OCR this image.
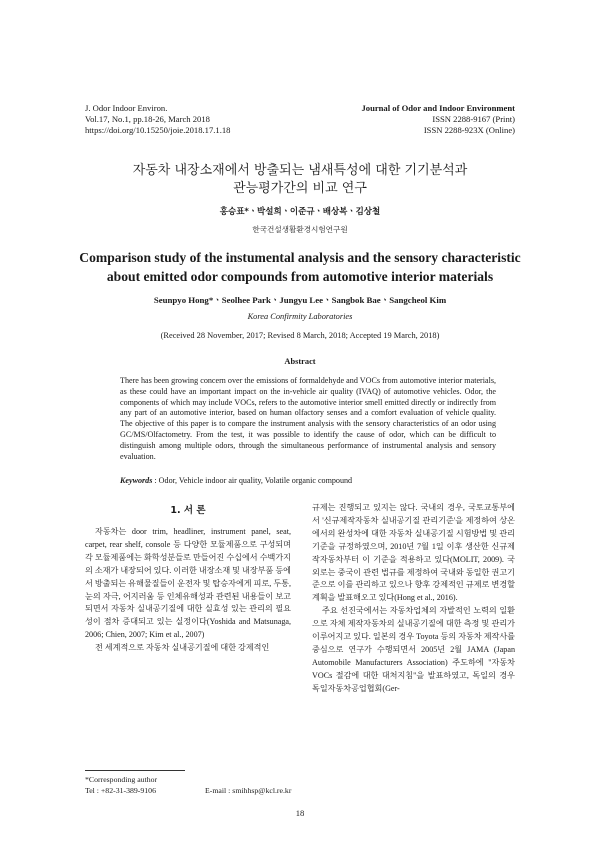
J. Odor Indoor Environ.
Vol.17, No.1, pp.18-26, March 2018
https://doi.org/10.15250/joie.2018.17.1.18
Journal of Odor and Indoor Environment
ISSN 2288-9167 (Print)
ISSN 2288-923X (Online)
자동차 내장소재에서 방출되는 냄새특성에 대한 기기분석과
관능평가간의 비교 연구
홍승표*ㆍ박설희ㆍ이준규ㆍ배상복ㆍ김상철
한국건설생활환경시험연구원
Comparison study of the instumental analysis and the sensory characteristic
about emitted odor compounds from automotive interior materials
Seunpyo Hong*ㆍSeolhee ParkㆍJungyu LeeㆍSangbok BaeㆍSangcheol Kim
Korea Confirmity Laboratories
(Received 28 November, 2017; Revised 8 March, 2018; Accepted 19 March, 2018)
Abstract
There has been growing concern over the emissions of formaldehyde and VOCs from automotive interior materials, as these could have an important impact on the in-vehicle air quality (IVAQ) of automotive vehicles. Odor, the components of which may include VOCs, refers to the automotive interior smell emitted directly or indirectly from any part of an automotive interior, based on human olfactory senses and a comfort evaluation of vehicle quality. The objective of this paper is to compare the instrument analysis with the sensory characteristics of an odor using GC/MS/Olfactometry. From the test, it was possible to identify the cause of odor, which can be difficult to distinguish among multiple odors, through the simultaneous performance of instrumental analysis and sensory evaluation.
Keywords : Odor, Vehicle indoor air quality, Volatile organic compound
1. 서 론

자동차는 door trim, headliner, instrument panel, seat, carpet, rear shelf, console 등 다양한 모듈제품으로 구성되며 각 모듈제품에는 화학성분들로 만들어진 수십에서 수백가지의 소재가 내장되어 있다. 이러한 내장소재 및 내장부품 등에서 방출되는 유해물질들이 운전자 및 탑승자에게 피로, 두통, 눈의 자극, 어지러움 등 인체유해성과 관련된 내용들이 보고되면서 자동차 실내공기질에 대한 실효성 있는 관리의 필요성이 점차 증대되고 있는 실정이다(Yoshida and Matsunaga, 2006; Chien, 2007; Kim et al., 2007)

전 세계적으로 자동차 실내공기질에 대한 강제적인

규제는 진행되고 있지는 않다. 국내의 경우, 국토교통부에서 '신규제작자동차 실내공기질 관리기준'을 제정하여 상온에서의 완성차에 대한 자동차 실내공기질 시험방법 및 관리기준을 규정하였으며, 2010년 7월 1일 이후 생산한 신규제작자동차부터 이 기준을 적용하고 있다(MOLIT, 2009). 국외로는 중국이 관련 법규를 제정하여 국내와 동일한 권고기준으로 이를 관리하고 있으나 향후 강제적인 규제로 변경할 계획을 발표해오고 있다(Hong et al., 2016).

주요 선진국에서는 자동차업체의 자발적인 노력의 일환으로 자체 제작자동차의 실내공기질에 대한 측정 및 관리가 이루어지고 있다. 일본의 경우 Toyota 등의 자동차 제작사를 중심으로 연구가 수행되면서 2005년 2월 JAMA (Japan Automobile Manufacturers Association) 주도하에 "자동차 VOCs 절감에 대한 대처지침"을 발표하였고, 독일의 경우 독일자동차공업협회(Ger-

*Corresponding author
Tel : +82-31-389-9106	E-mail : smihhsp@kcl.re.kr
18
